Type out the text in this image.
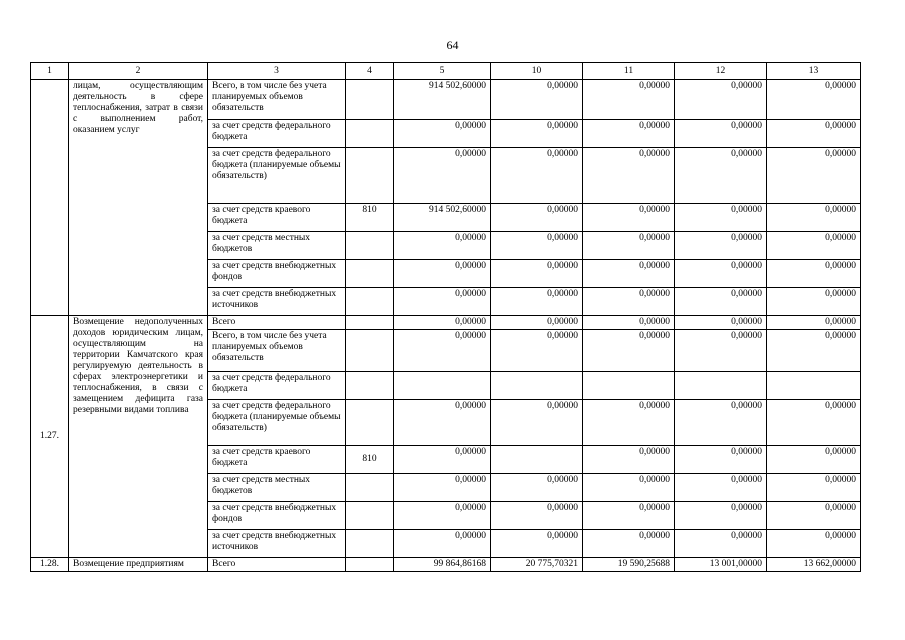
64
1	2	3	4	5	10	11	12	13
	лицам, осуществляющим деятельность в сфере теплоснабжения, затрат в связи с выполнением работ, оказанием услуг	Всего, в том числе без учета планируемых объемов обязательств		914 502,60000	0,00000	0,00000	0,00000	0,00000
		за счет средств федерального бюджета		0,00000	0,00000	0,00000	0,00000	0,00000
		за счет средств федерального бюджета (планируемые объемы обязательств)		0,00000	0,00000	0,00000	0,00000	0,00000
		за счет средств краевого бюджета	810	914 502,60000	0,00000	0,00000	0,00000	0,00000
		за счет средств местных бюджетов		0,00000	0,00000	0,00000	0,00000	0,00000
		за счет средств внебюджетных фондов		0,00000	0,00000	0,00000	0,00000	0,00000
		за счет средств внебюджетных источников		0,00000	0,00000	0,00000	0,00000	0,00000
1.27.	Возмещение недополученных доходов юридическим лицам, осуществляющим на территории Камчатского края регулируемую деятельность в сферах электроэнергетики и теплоснабжения, в связи с замещением дефицита газа резервными видами топлива	Всего		0,00000	0,00000	0,00000	0,00000	0,00000
		Всего, в том числе без учета планируемых объемов обязательств		0,00000	0,00000	0,00000	0,00000	0,00000
		за счет средств федерального бюджета						
		за счет средств федерального бюджета (планируемые объемы обязательств)		0,00000	0,00000	0,00000	0,00000	0,00000
		за счет средств краевого бюджета	810	0,00000		0,00000	0,00000	0,00000
		за счет средств местных бюджетов		0,00000	0,00000	0,00000	0,00000	0,00000
		за счет средств внебюджетных фондов		0,00000	0,00000	0,00000	0,00000	0,00000
		за счет средств внебюджетных источников		0,00000	0,00000	0,00000	0,00000	0,00000
1.28.	Возмещение предприятиям	Всего		99 864,86168	20 775,70321	19 590,25688	13 001,00000	13 662,00000
